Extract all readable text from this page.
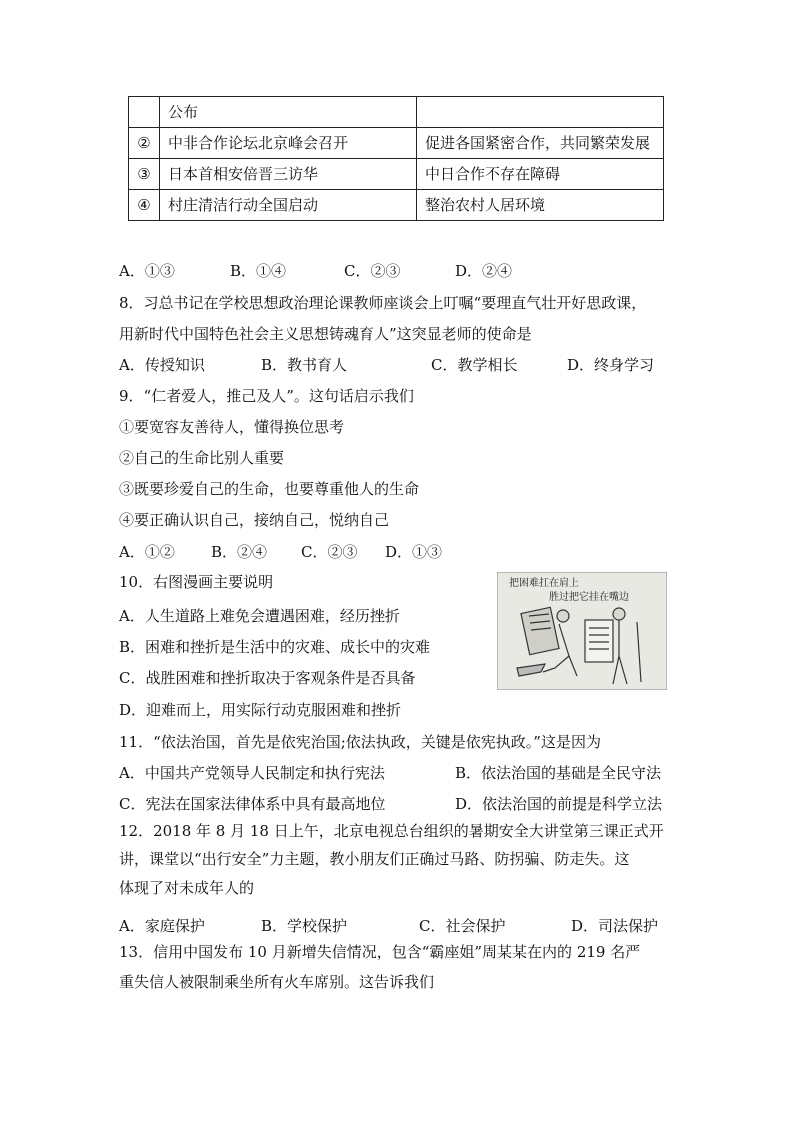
	公布	
②	中非合作论坛北京峰会召开	促进各国紧密合作，共同繁荣发展
③	日本首相安倍晋三访华	中日合作不存在障碍
④	村庄清洁行动全国启动	整治农村人居环境
A．①③	B．①④	C．②③	D．②④
8．习总书记在学校思想政治理论课教师座谈会上叮嘱“要理直气壮开好思政课，
用新时代中国特色社会主义思想铸魂育人”这突显老师的使命是
A．传授知识	B．教书育人	C．教学相长	D．终身学习
9．“仁者爱人，推己及人”。这句话启示我们
①要宽容友善待人，懂得换位思考
②自己的生命比别人重要
③既要珍爱自己的生命，也要尊重他人的生命
④要正确认识自己，接纳自己，悦纳自己
A．①② B．②④ C．②③ D．①③
10．右图漫画主要说明
A．人生道路上难免会遭遇困难，经历挫折
B．困难和挫折是生活中的灾难、成长中的灾难
C．战胜困难和挫折取决于客观条件是否具备
D．迎难而上，用实际行动克服困难和挫折
把困难扛在肩上
胜过把它挂在嘴边
11．“依法治国，首先是依宪治国;依法执政，关键是依宪执政。”这是因为
A．中国共产党领导人民制定和执行宪法	B．依法治国的基础是全民守法
C．宪法在国家法律体系中具有最高地位	D．依法治国的前提是科学立法
12．2018 年 8 月 18 日上午，北京电视总台组织的暑期安全大讲堂第三课正式开
讲，课堂以“出行安全”力主题，教小朋友们正确过马路、防拐骗、防走失。这
体现了对未成年人的
A．家庭保护	B．学校保护	C．社会保护	D．司法保护
13．信用中国发布 10 月新增失信情况，包含“霸座姐”周某某在内的 219 名严
重失信人被限制乘坐所有火车席别。这告诉我们
